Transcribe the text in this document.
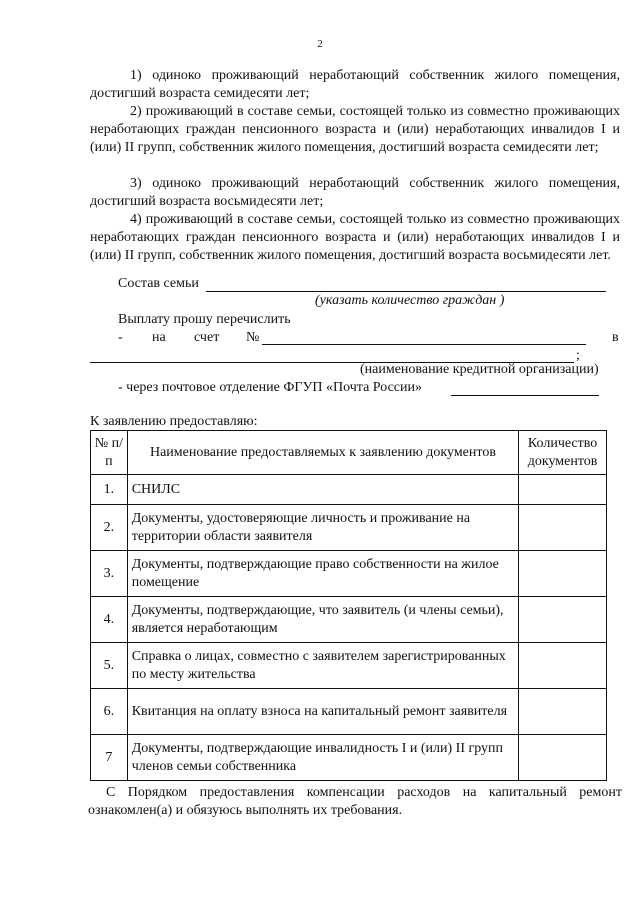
2

1) одиноко проживающий неработающий собственник жилого помещения, достигший возраста семидесяти лет;

2) проживающий в составе семьи, состоящей только из совместно проживающих неработающих граждан пенсионного возраста и (или) неработающих инвалидов I и (или) II групп, собственник жилого помещения, достигший возраста семидесяти лет;

3) одиноко проживающий неработающий собственник жилого помещения, достигший возраста восьмидесяти лет;

4) проживающий в составе семьи, состоящей только из совместно проживающих неработающих граждан пенсионного возраста и (или) неработающих инвалидов I и (или) II групп, собственник жилого помещения, достигший возраста восьмидесяти лет.

Состав семьи
(указать количество граждан )
Выплату прошу перечислить
- на счет №	в
;
(наименование кредитной организации)
- через почтовое отделение ФГУП «Почта России»
К заявлению предоставляю:
№ п/п	Наименование предоставляемых к заявлению документов	Количество документов
1.	СНИЛС	
2.	Документы, удостоверяющие личность и проживание на территории области заявителя	
3.	Документы, подтверждающие право собственности на жилое помещение	
4.	Документы, подтверждающие, что заявитель (и члены семьи), является неработающим	
5.	Справка о лицах, совместно с заявителем зарегистрированных по месту жительства	
6.	Квитанция на оплату взноса на капитальный ремонт заявителя	
7	Документы, подтверждающие инвалидность I и (или) II групп членов семьи собственника	

С Порядком предоставления компенсации расходов на капитальный ремонт ознакомлен(а) и обязуюсь выполнять их требования.
